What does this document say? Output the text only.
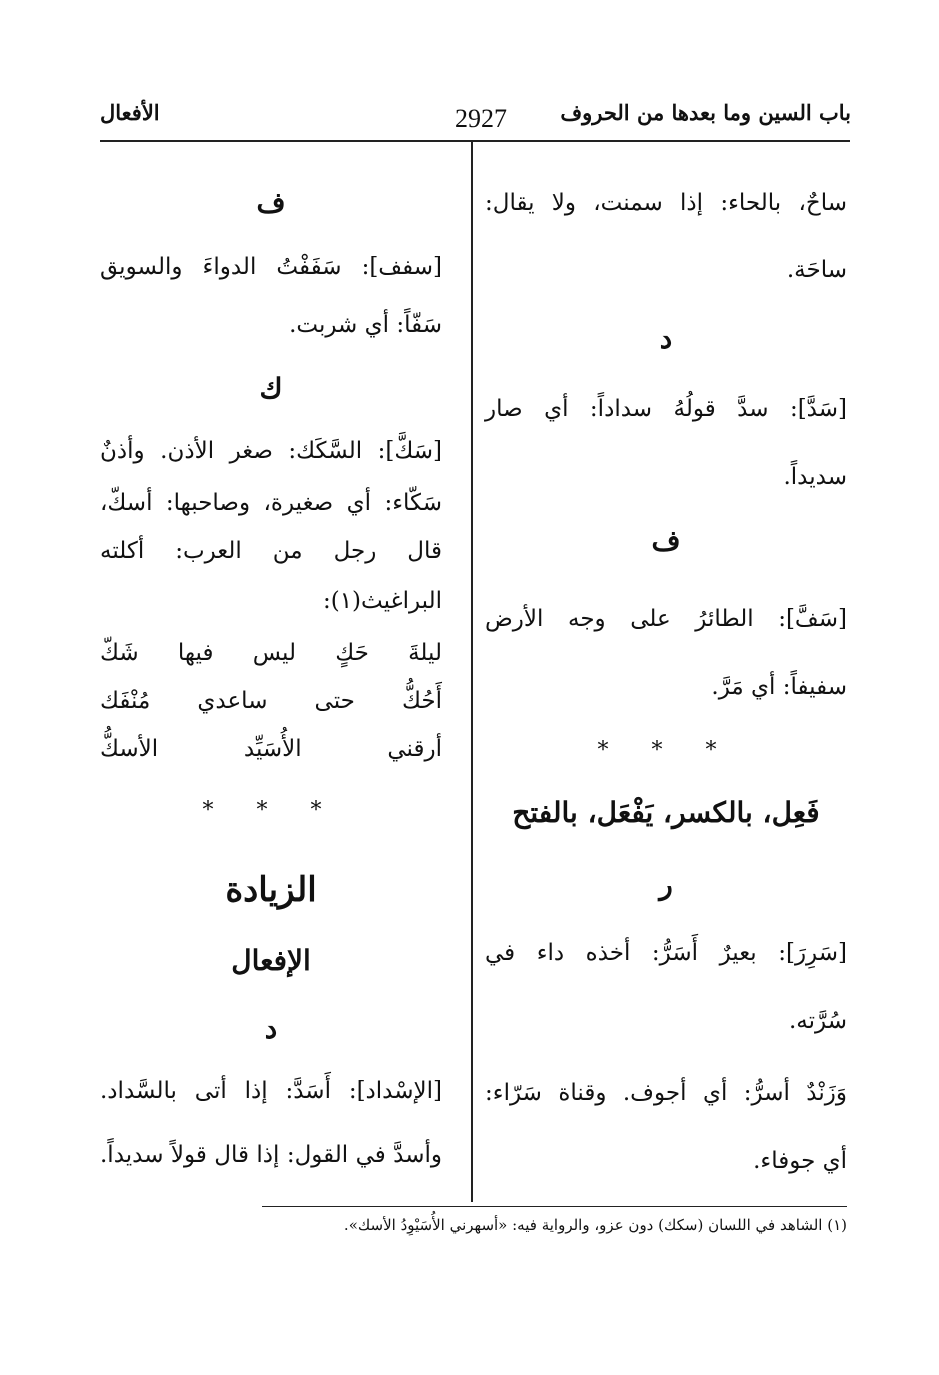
باب السين وما بعدها من الحروف
2927
الأفعال
ساحٌ، بالحاء: إذا سمنت، ولا يقال:
ساحَة.
د
[سَدَّ]: سدَّ قولُهُ سداداً: أي صار
سديداً.
ف
[سَفَّ]: الطائرُ على وجه الأرض
سفيفاً: أي مَرَّ.
* * *
فَعِل، بالكسر، يَفْعَل، بالفتح
ر
[سَرِرَ]: بعيرٌ أَسَرُّ: أخذه داء في
سُرَّته.
وَزَنْدٌ أسرُّ: أي أجوف. وقناة سَرّاء:
أي جوفاء.
ف
[سفف]: سَفَفْتُ الدواءَ والسويق
سَفّاً: أي شربت.
ك
[سَكَّ]: السَّكَك: صغر الأذن. وأذنٌ
سَكّاء: أي صغيرة، وصاحبها: أسكّ،
قال رجل من العرب: أكلته
البراغيث(١):
ليلةَ حَكٍ ليس فيها شَكّ
أَحُكُّ حتى ساعدي مُنْفَك
أرقني الأُسَيِّد الأسكُّ
* * *
الزيادة
الإفعال
د
[الإسْداد]: أَسَدَّ: إذا أتى بالسَّداد.
وأسدَّ في القول: إذا قال قولاً سديداً.
(١) الشاهد في اللسان (سكك) دون عزو، والرواية فيه: «أسهرني الأُسَيْوِدُ الأسك».
